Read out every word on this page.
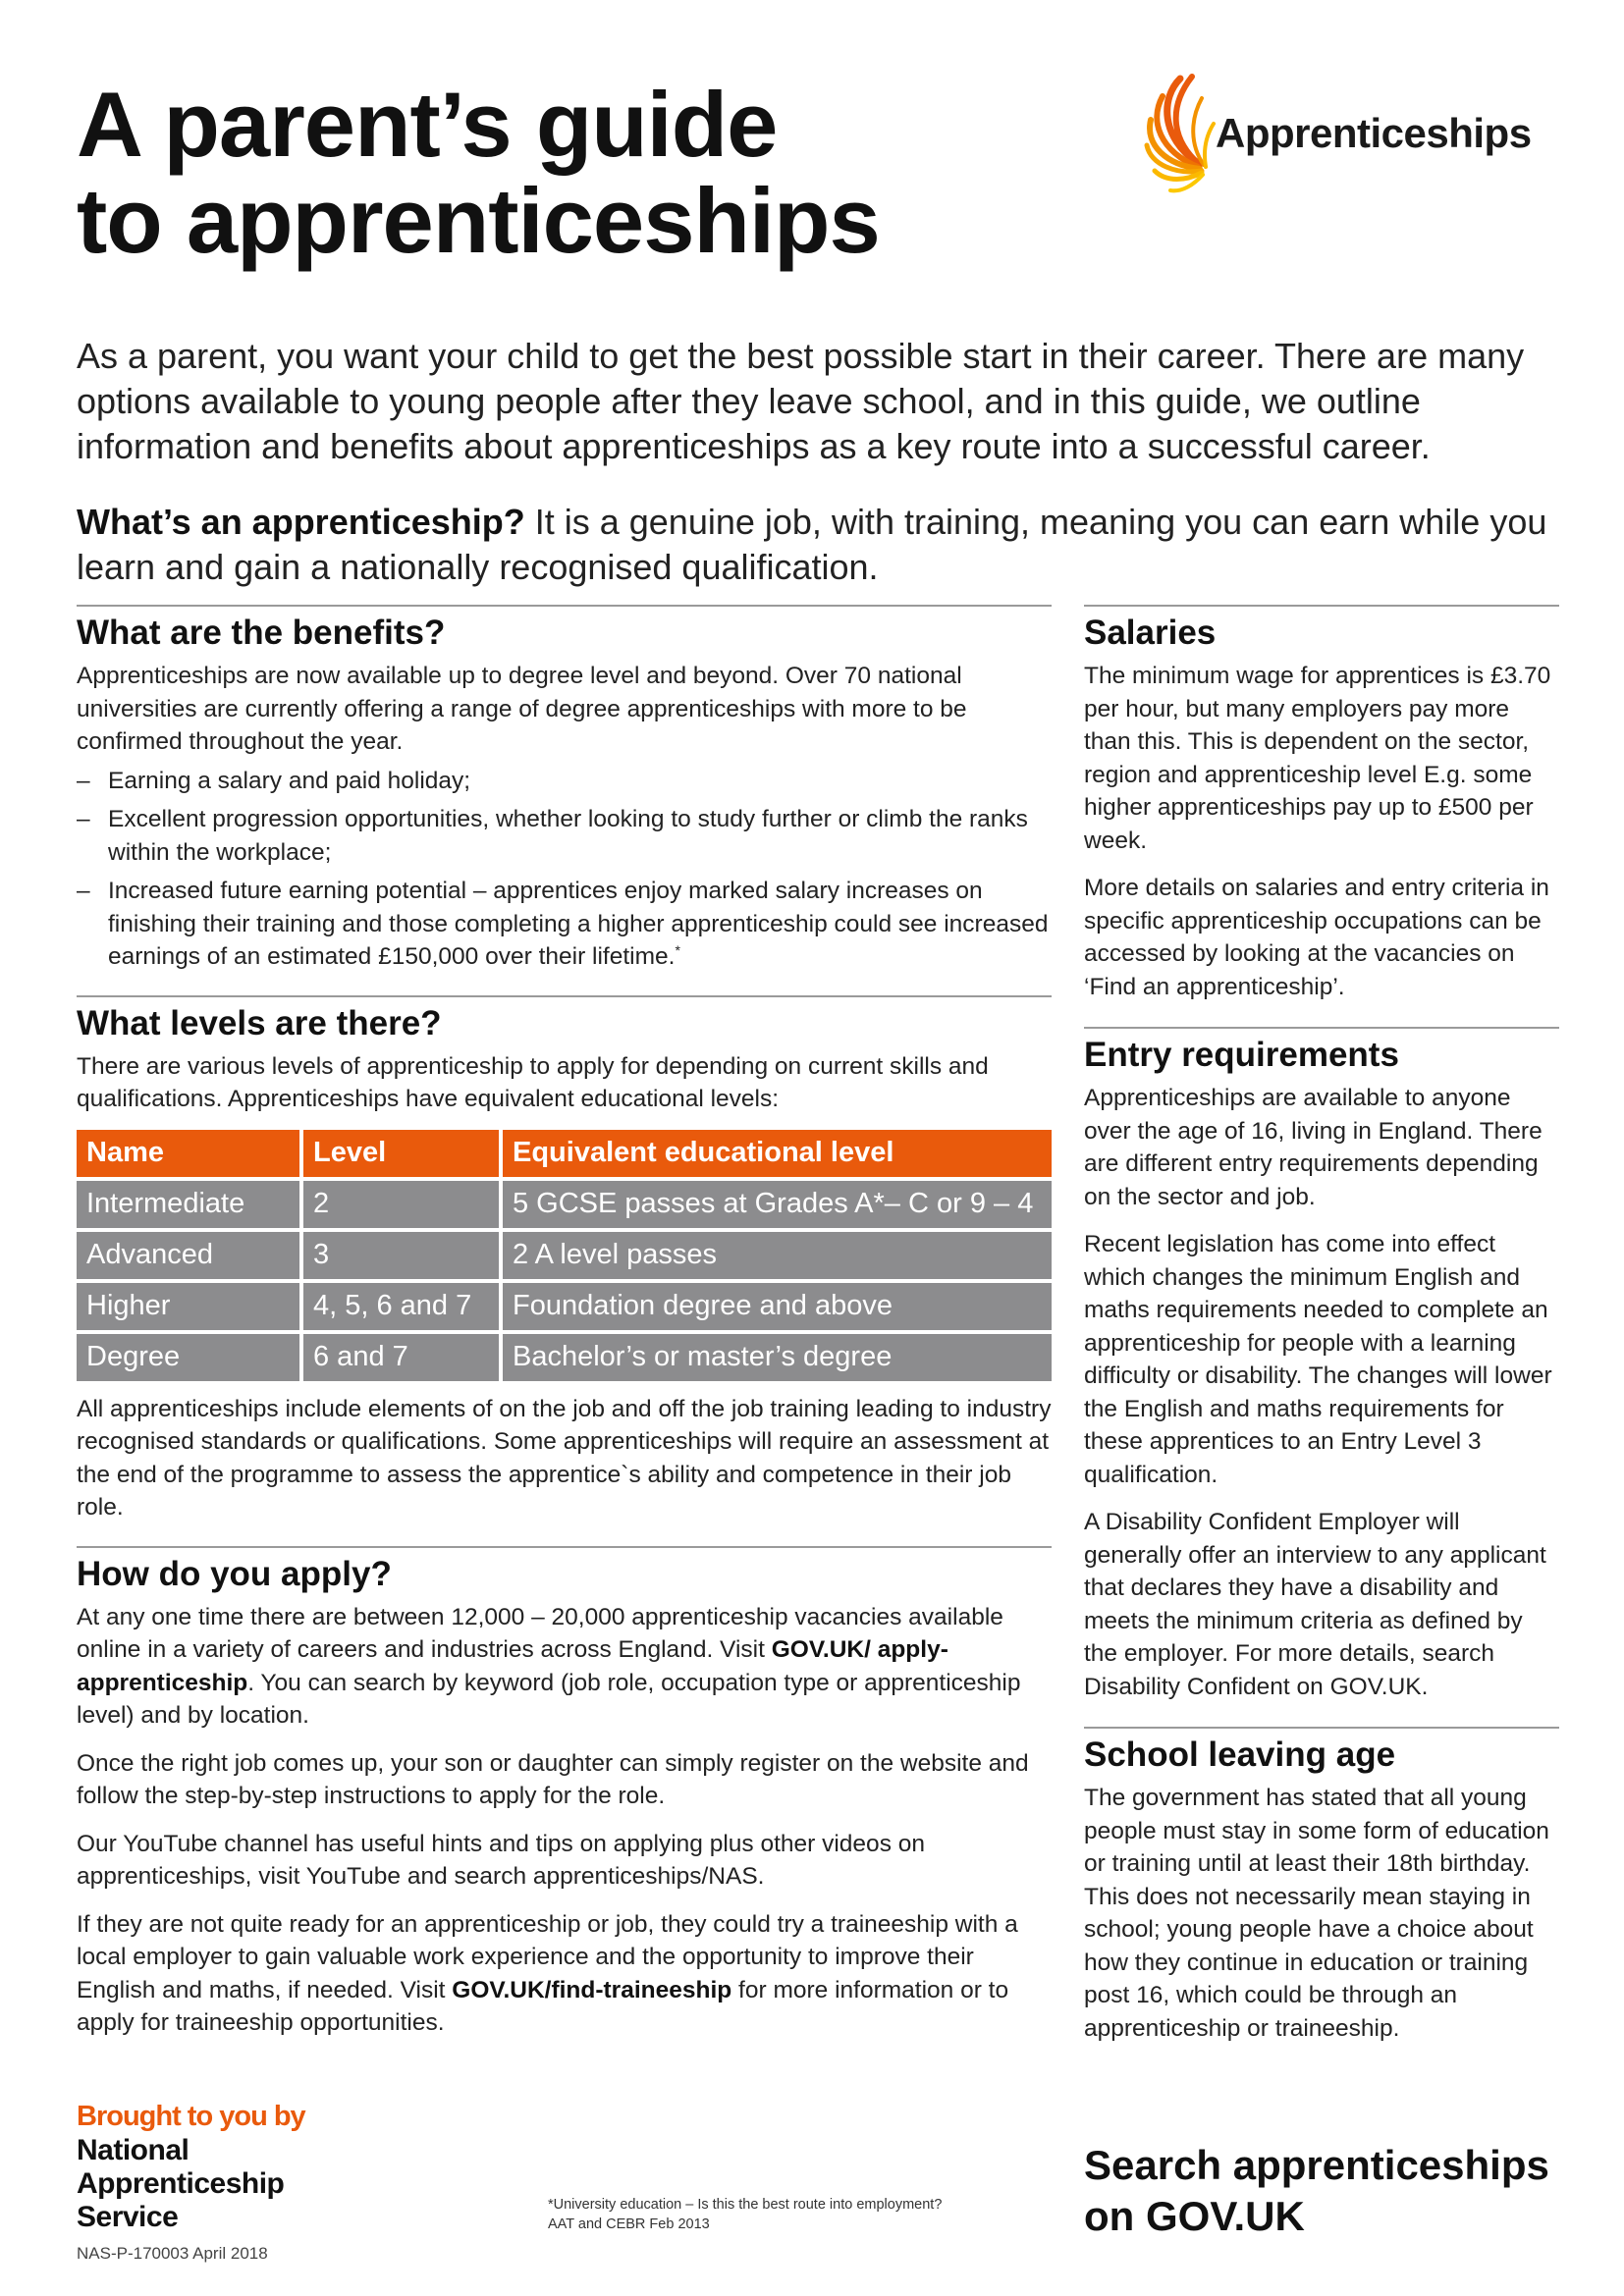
A parent’s guide
to apprenticeships
Apprenticeships

As a parent, you want your child to get the best possible start in their career. There are many options available to young people after they leave school, and in this guide, we outline information and benefits about apprenticeships as a key route into a successful career.

What’s an apprenticeship? It is a genuine job, with training, meaning you can earn while you learn and gain a nationally recognised qualification.

What are the benefits?

Apprenticeships are now available up to degree level and beyond. Over 70 national universities are currently offering a range of degree apprenticeships with more to be confirmed throughout the year.

– Earning a salary and paid holiday;
– Excellent progression opportunities, whether looking to study further or climb the ranks within the workplace;
– Increased future earning potential – apprentices enjoy marked salary increases on finishing their training and those completing a higher apprenticeship could see increased earnings of an estimated £150,000 over their lifetime.*
What levels are there?

There are various levels of apprenticeship to apply for depending on current skills and qualifications. Apprenticeships have equivalent educational levels:

Name	Level	Equivalent educational level
Intermediate	2	5 GCSE passes at Grades A*– C or 9 – 4
Advanced	3	2 A level passes
Higher	4, 5, 6 and 7	Foundation degree and above
Degree	6 and 7	Bachelor’s or master’s degree

All apprenticeships include elements of on the job and off the job training leading to industry recognised standards or qualifications. Some apprenticeships will require an assessment at the end of the programme to assess the apprentice`s ability and competence in their job role.

How do you apply?

At any one time there are between 12,000 – 20,000 apprenticeship vacancies available online in a variety of careers and industries across England. Visit GOV.UK/ apply-apprenticeship. You can search by keyword (job role, occupation type or apprenticeship level) and by location.

Once the right job comes up, your son or daughter can simply register on the website and follow the step-by-step instructions to apply for the role.

Our YouTube channel has useful hints and tips on applying plus other videos on apprenticeships, visit YouTube and search apprenticeships/NAS.

If they are not quite ready for an apprenticeship or job, they could try a traineeship with a local employer to gain valuable work experience and the opportunity to improve their English and maths, if needed. Visit GOV.UK/find-traineeship for more information or to apply for traineeship opportunities.

Salaries

The minimum wage for apprentices is £3.70 per hour, but many employers pay more than this. This is dependent on the sector, region and apprenticeship level E.g. some higher apprenticeships pay up to £500 per week.

More details on salaries and entry criteria in specific apprenticeship occupations can be accessed by looking at the vacancies on ‘Find an apprenticeship’.

Entry requirements

Apprenticeships are available to anyone over the age of 16, living in England. There are different entry requirements depending on the sector and job.

Recent legislation has come into effect which changes the minimum English and maths requirements needed to complete an apprenticeship for people with a learning difficulty or disability. The changes will lower the English and maths requirements for these apprentices to an Entry Level 3 qualification.

A Disability Confident Employer will generally offer an interview to any applicant that declares they have a disability and meets the minimum criteria as defined by the employer. For more details, search Disability Confident on GOV.UK.

School leaving age

The government has stated that all young people must stay in some form of education or training until at least their 18th birthday. This does not necessarily mean staying in school; young people have a choice about how they continue in education or training post 16, which could be through an apprenticeship or traineeship.

Brought to you by
National
Apprenticeship
Service
NAS-P-170003 April 2018
*University education – Is this the best route into employment?
AAT and CEBR Feb 2013
Search apprenticeships
on GOV.UK
